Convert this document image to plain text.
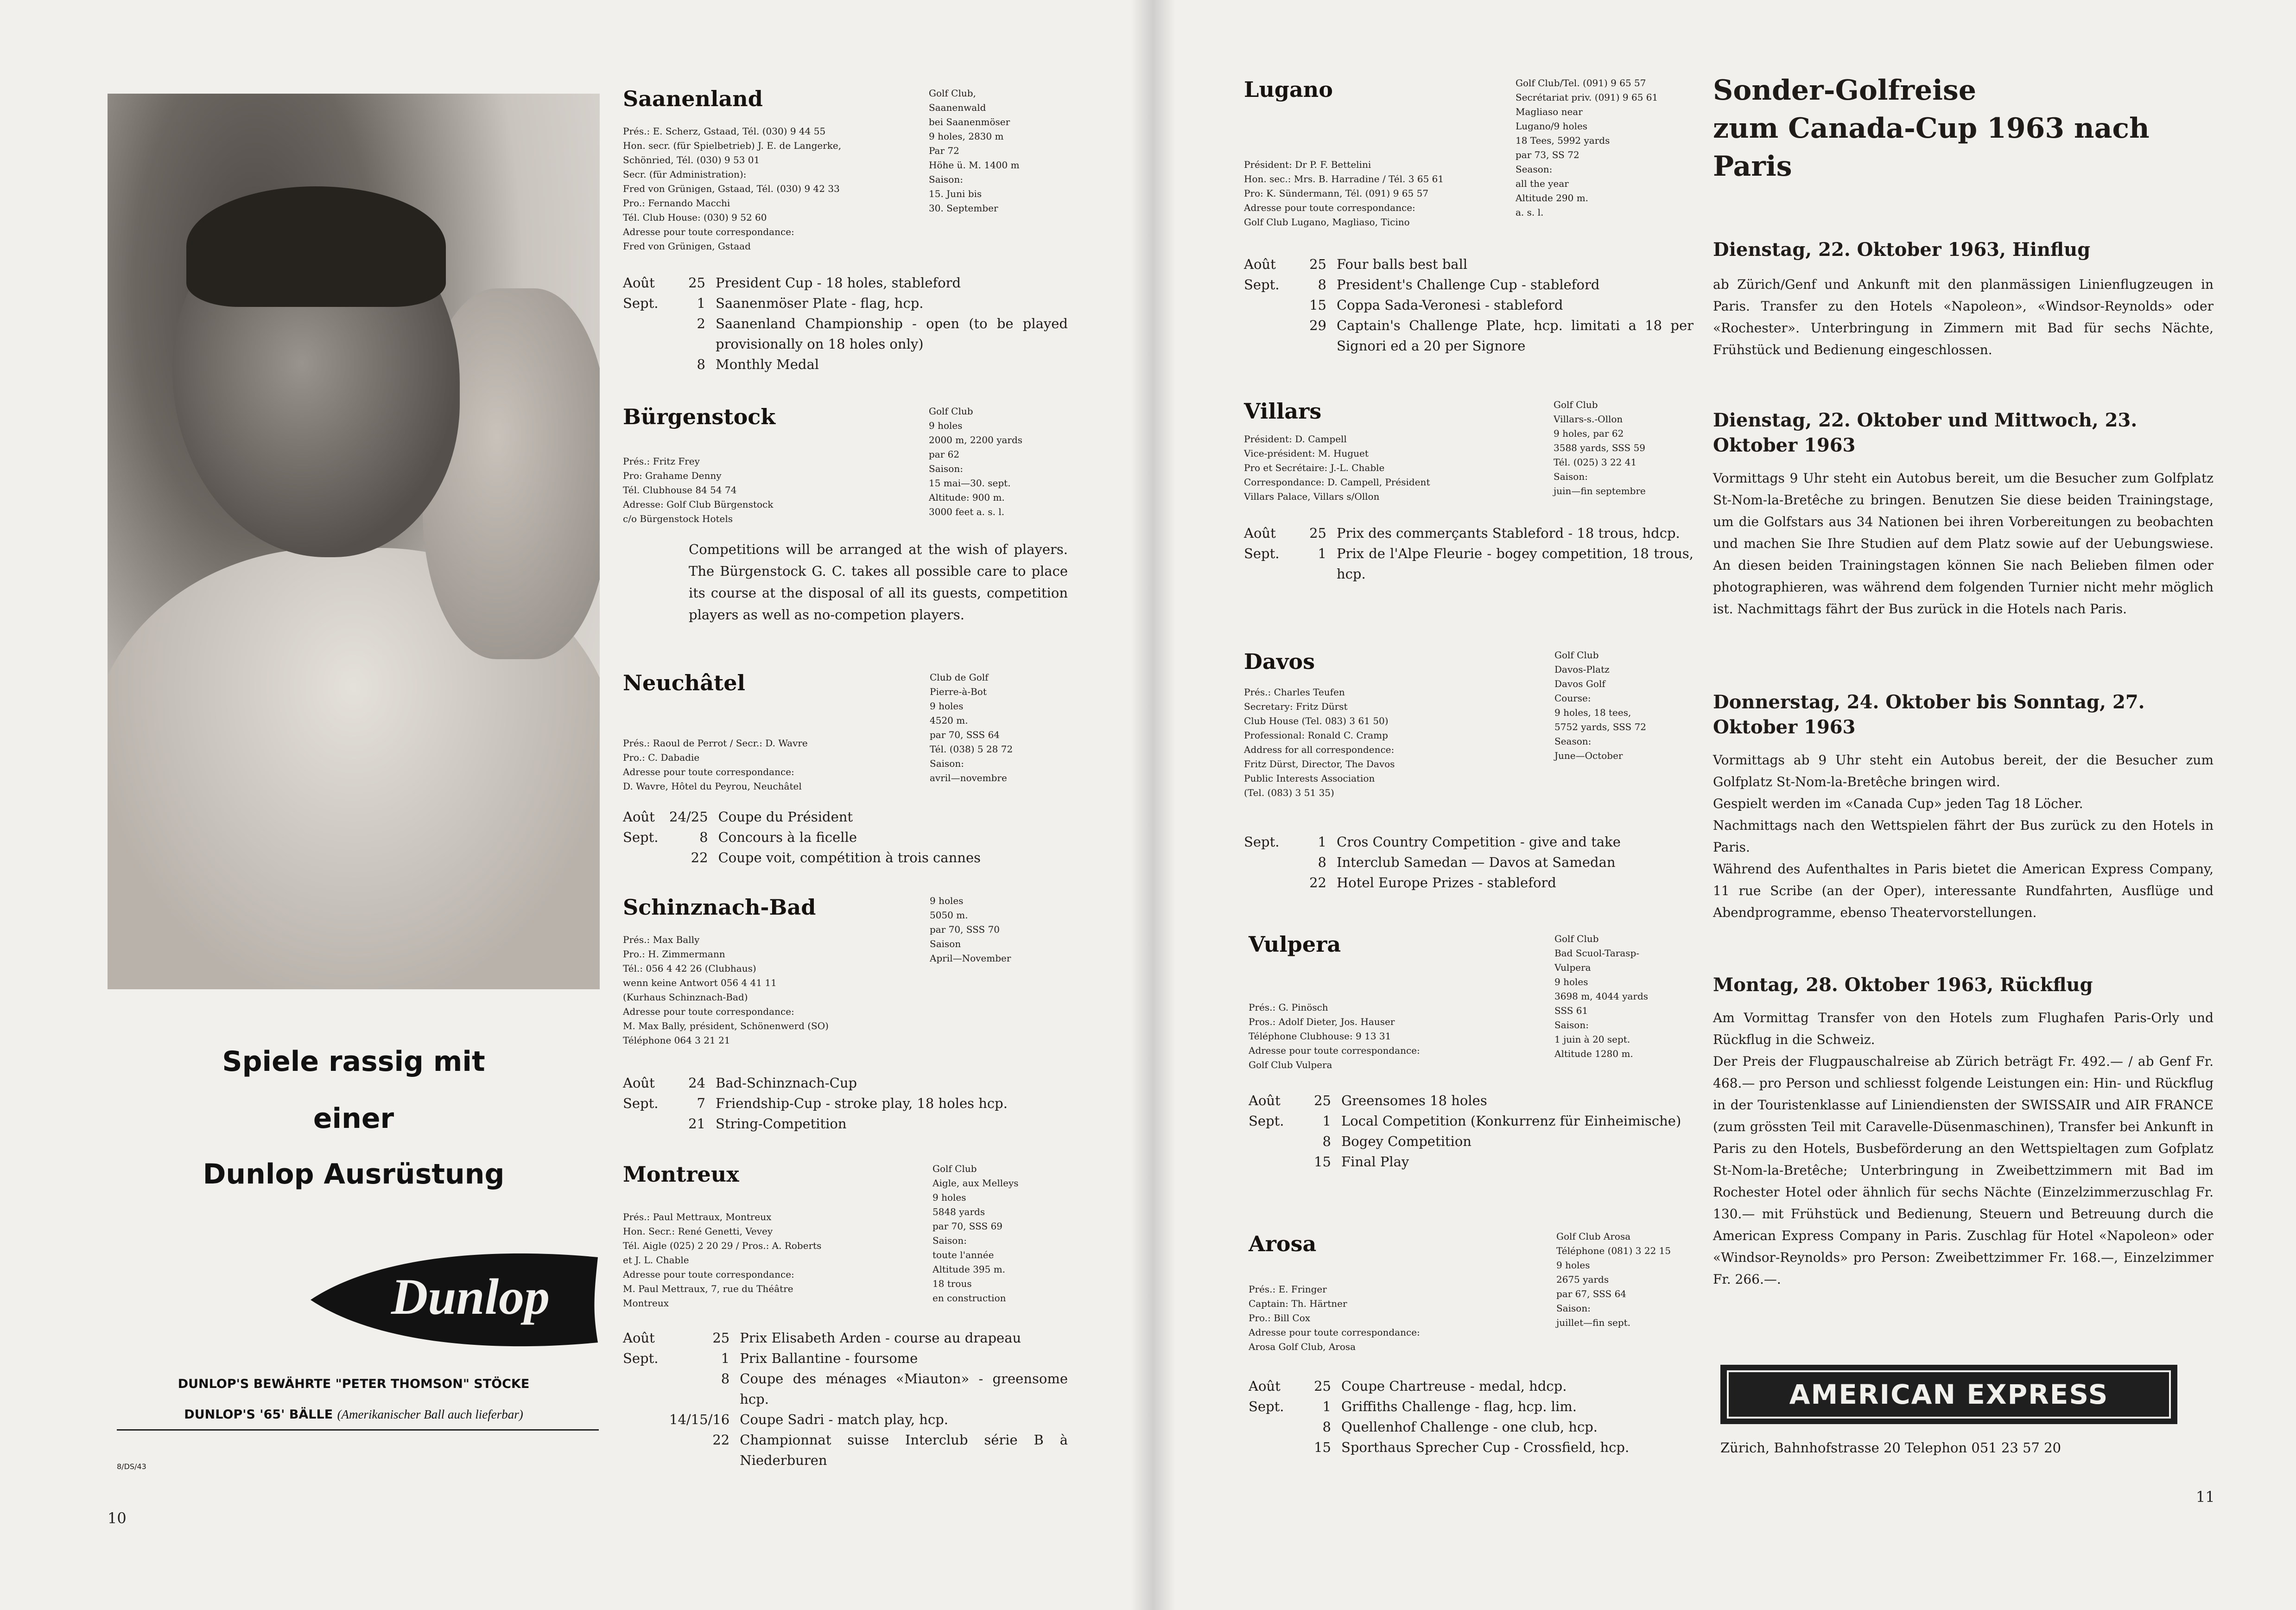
Spiele rassig mit
einer
Dunlop Ausrüstung
Dunlop
DUNLOP'S BEWÄHRTE "PETER THOMSON" STÖCKE
DUNLOP'S '65' BÄLLE (Amerikanischer Ball auch lieferbar)
8/DS/43
10
11
Saanenland
Prés.: E. Scherz, Gstaad, Tél. (030) 9 44 55
Hon. secr. (für Spielbetrieb) J. E. de Langerke,
Schönried, Tél. (030) 9 53 01
Secr. (für Administration):
Fred von Grünigen, Gstaad, Tél. (030) 9 42 33
Pro.: Fernando Macchi
Tél. Club House: (030) 9 52 60
Adresse pour toute correspondance:
Fred von Grünigen, Gstaad
Golf Club,
Saanenwald
bei Saanenmöser
9 holes, 2830 m
Par 72
Höhe ü. M. 1400 m
Saison:
15. Juni bis
30. September
Août	25	President Cup - 18 holes, stableford
Sept.	1	Saanenmöser Plate - flag, hcp.
	2	Saanenland Championship - open (to be played provisionally on 18 holes only)
	8	Monthly Medal
Bürgenstock
Prés.: Fritz Frey
Pro: Grahame Denny
Tél. Clubhouse 84 54 74
Adresse: Golf Club Bürgenstock
c/o Bürgenstock Hotels
Golf Club
9 holes
2000 m, 2200 yards
par 62
Saison:
15 mai—30. sept.
Altitude: 900 m.
3000 feet a. s. l.
Competitions will be arranged at the wish of players. The Bürgenstock G. C. takes all possible care to place its course at the disposal of all its guests, competition players as well as no-competion players.
Neuchâtel
Prés.: Raoul de Perrot / Secr.: D. Wavre
Pro.: C. Dabadie
Adresse pour toute correspondance:
D. Wavre, Hôtel du Peyrou, Neuchâtel
Club de Golf
Pierre-à-Bot
9 holes
4520 m.
par 70, SSS 64
Tél. (038) 5 28 72
Saison:
avril—novembre
Août	24/25	Coupe du Président
Sept.	8	Concours à la ficelle
	22	Coupe voit, compétition à trois cannes
Schinznach-Bad
Prés.: Max Bally
Pro.: H. Zimmermann
Tél.: 056 4 42 26 (Clubhaus)
wenn keine Antwort 056 4 41 11
(Kurhaus Schinznach-Bad)
Adresse pour toute correspondance:
M. Max Bally, président, Schönenwerd (SO)
Téléphone 064 3 21 21
9 holes
5050 m.
par 70, SSS 70
Saison
April—November
Août	24	Bad-Schinznach-Cup
Sept.	7	Friendship-Cup - stroke play, 18 holes hcp.
	21	String-Competition
Montreux
Prés.: Paul Mettraux, Montreux
Hon. Secr.: René Genetti, Vevey
Tél. Aigle (025) 2 20 29 / Pros.: A. Roberts
et J. L. Chable
Adresse pour toute correspondance:
M. Paul Mettraux, 7, rue du Théâtre
Montreux
Golf Club
Aigle, aux Melleys
9 holes
5848 yards
par 70, SSS 69
Saison:
toute l'année
Altitude 395 m.
18 trous
en construction
Août	25	Prix Elisabeth Arden - course au drapeau
Sept.	1	Prix Ballantine - foursome
	8	Coupe des ménages «Miauton» - greensome hcp.
	14/15/16	Coupe Sadri - match play, hcp.
	22	Championnat suisse Interclub série B à Niederburen
Lugano
Président: Dr P. F. Bettelini
Hon. sec.: Mrs. B. Harradine / Tél. 3 65 61
Pro: K. Sündermann, Tél. (091) 9 65 57
Adresse pour toute correspondance:
Golf Club Lugano, Magliaso, Ticino
Golf Club/Tel. (091) 9 65 57
Secrétariat priv. (091) 9 65 61
Magliaso near
Lugano/9 holes
18 Tees, 5992 yards
par 73, SS 72
Season:
all the year
Altitude 290 m.
a. s. l.
Août	25	Four balls best ball
Sept.	8	President's Challenge Cup - stableford
	15	Coppa Sada-Veronesi - stableford
	29	Captain's Challenge Plate, hcp. limitati a 18 per Signori ed a 20 per Signore
Villars
Président: D. Campell
Vice-président: M. Huguet
Pro et Secrétaire: J.-L. Chable
Correspondance: D. Campell, Président
Villars Palace, Villars s/Ollon
Golf Club
Villars-s.-Ollon
9 holes, par 62
3588 yards, SSS 59
Tél. (025) 3 22 41
Saison:
juin—fin septembre
Août	25	Prix des commerçants Stableford - 18 trous, hdcp.
Sept.	1	Prix de l'Alpe Fleurie - bogey competition, 18 trous, hcp.
Davos
Prés.: Charles Teufen
Secretary: Fritz Dürst
Club House (Tel. 083) 3 61 50)
Professional: Ronald C. Cramp
Address for all correspondence:
Fritz Dürst, Director, The Davos
Public Interests Association
(Tel. (083) 3 51 35)
Golf Club
Davos-Platz
Davos Golf
Course:
9 holes, 18 tees,
5752 yards, SSS 72
Season:
June—October
Sept.	1	Cros Country Competition - give and take
	8	Interclub Samedan — Davos at Samedan
	22	Hotel Europe Prizes - stableford
Vulpera
Prés.: G. Pinösch
Pros.: Adolf Dieter, Jos. Hauser
Téléphone Clubhouse: 9 13 31
Adresse pour toute correspondance:
Golf Club Vulpera
Golf Club
Bad Scuol-Tarasp-
Vulpera
9 holes
3698 m, 4044 yards
SSS 61
Saison:
1 juin à 20 sept.
Altitude 1280 m.
Août	25	Greensomes 18 holes
Sept.	1	Local Competition (Konkurrenz für Einheimische)
	8	Bogey Competition
	15	Final Play
Arosa
Prés.: E. Fringer
Captain: Th. Härtner
Pro.: Bill Cox
Adresse pour toute correspondance:
Arosa Golf Club, Arosa
Golf Club Arosa
Téléphone (081) 3 22 15
9 holes
2675 yards
par 67, SSS 64
Saison:
juillet—fin sept.
Août	25	Coupe Chartreuse - medal, hdcp.
Sept.	1	Griffiths Challenge - flag, hcp. lim.
	8	Quellenhof Challenge - one club, hcp.
	15	Sporthaus Sprecher Cup - Crossfield, hcp.
Sonder-Golfreise
zum Canada-Cup 1963 nach Paris
Dienstag, 22. Oktober 1963, Hinflug

ab Zürich/Genf und Ankunft mit den planmässigen Linienflugzeugen in Paris. Transfer zu den Hotels «Napoleon», «Windsor-Reynolds» oder «Rochester». Unterbringung in Zimmern mit Bad für sechs Nächte, Frühstück und Bedienung eingeschlossen.

Dienstag, 22. Oktober und Mittwoch, 23. Oktober 1963

Vormittags 9 Uhr steht ein Autobus bereit, um die Besucher zum Golfplatz St-Nom-la-Bretêche zu bringen. Benutzen Sie diese beiden Trainingstage, um die Golfstars aus 34 Nationen bei ihren Vorbereitungen zu beobachten und machen Sie Ihre Studien auf dem Platz sowie auf der Uebungswiese. An diesen beiden Trainingstagen können Sie nach Belieben filmen oder photographieren, was während dem folgenden Turnier nicht mehr möglich ist. Nachmittags fährt der Bus zurück in die Hotels nach Paris.

Donnerstag, 24. Oktober bis Sonntag, 27. Oktober 1963

Vormittags ab 9 Uhr steht ein Autobus bereit, der die Besucher zum Golfplatz St-Nom-la-Bretêche bringen wird.

Gespielt werden im «Canada Cup» jeden Tag 18 Löcher.

Nachmittags nach den Wettspielen fährt der Bus zurück zu den Hotels in Paris.

Während des Aufenthaltes in Paris bietet die American Express Company, 11 rue Scribe (an der Oper), interessante Rundfahrten, Ausflüge und Abendprogramme, ebenso Theatervorstellungen.

Montag, 28. Oktober 1963, Rückflug

Am Vormittag Transfer von den Hotels zum Flughafen Paris-Orly und Rückflug in die Schweiz.

Der Preis der Flugpauschalreise ab Zürich beträgt Fr. 492.— / ab Genf Fr. 468.— pro Person und schliesst folgende Leistungen ein: Hin- und Rückflug in der Touristenklasse auf Liniendiensten der SWISSAIR und AIR FRANCE (zum grössten Teil mit Caravelle-Düsenmaschinen), Transfer bei Ankunft in Paris zu den Hotels, Busbeförderung an den Wettspieltagen zum Gofplatz St-Nom-la-Bretêche; Unterbringung in Zweibettzimmern mit Bad im Rochester Hotel oder ähnlich für sechs Nächte (Einzelzimmerzuschlag Fr. 130.— mit Frühstück und Bedienung, Steuern und Betreuung durch die American Express Company in Paris. Zuschlag für Hotel «Napoleon» oder «Windsor-Reynolds» pro Person: Zweibettzimmer Fr. 168.—, Einzelzimmer Fr. 266.—.

AMERICAN EXPRESS
Zürich, Bahnhofstrasse 20 Telephon 051 23 57 20
